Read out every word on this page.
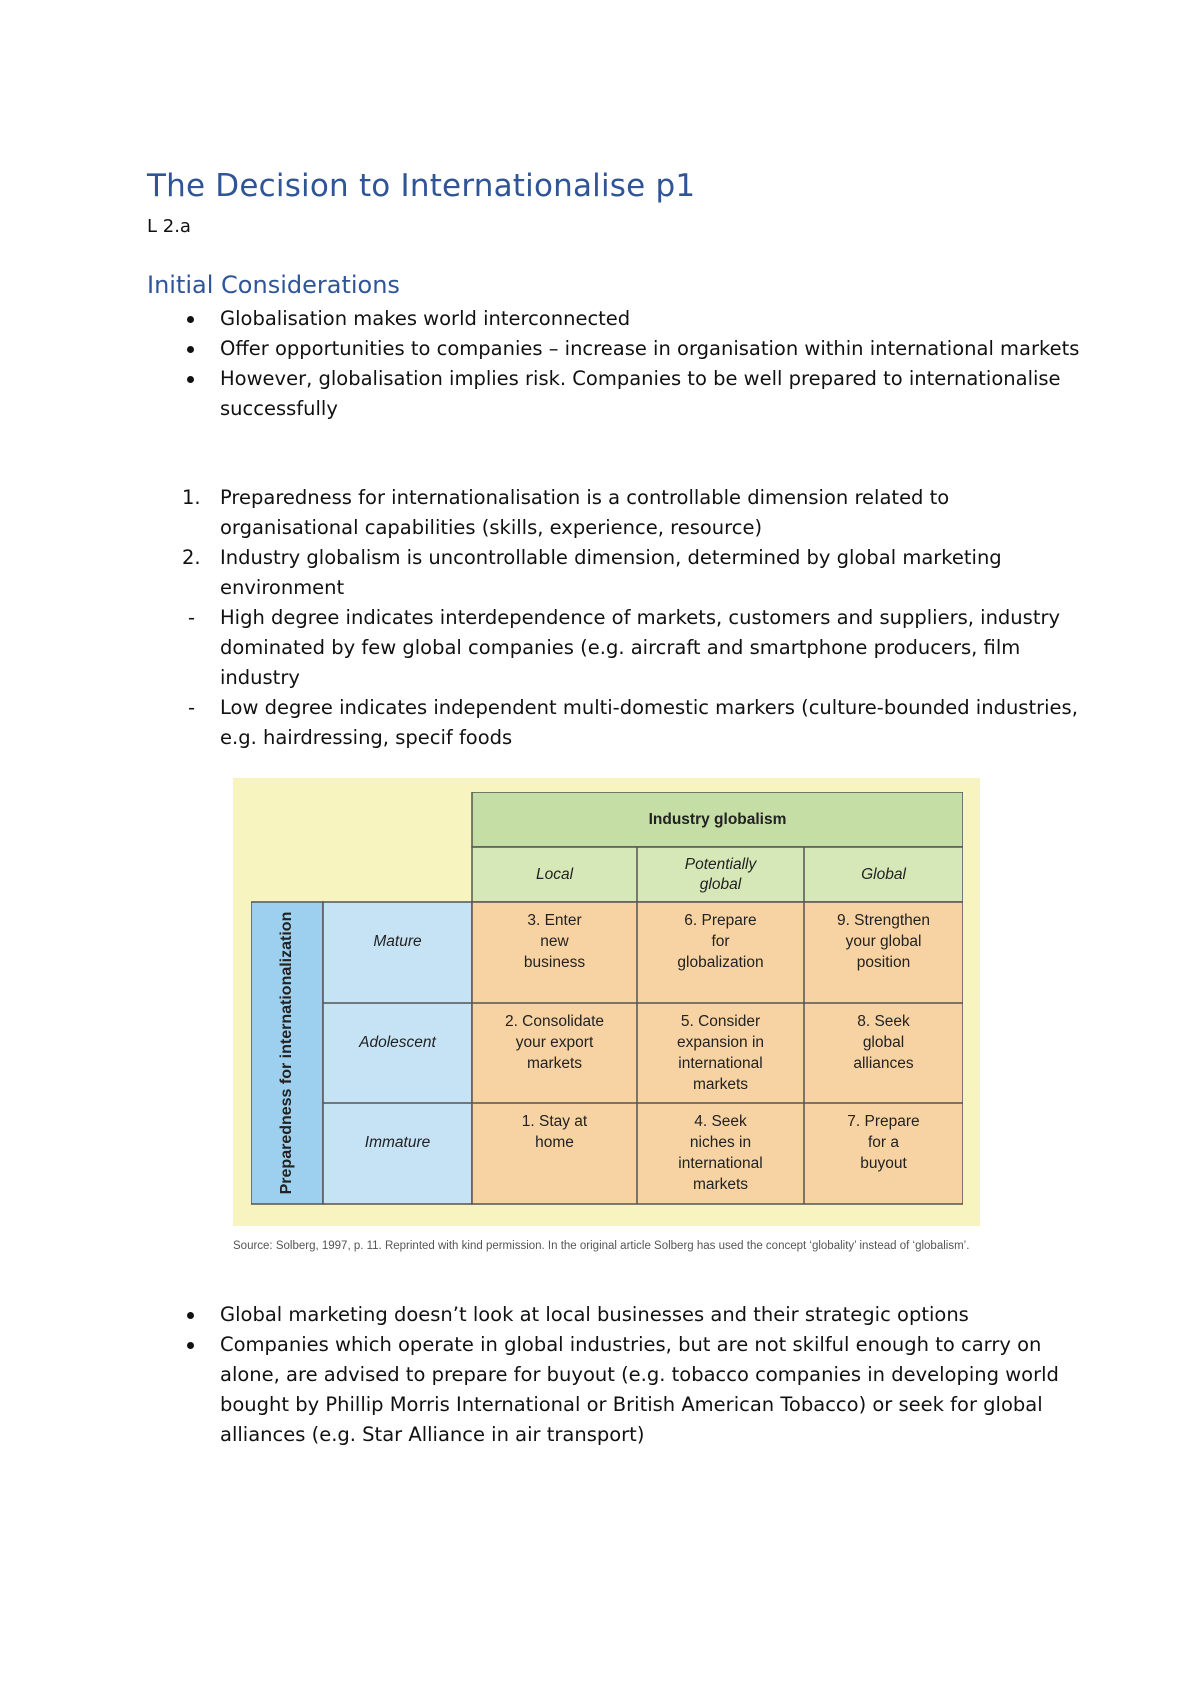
The Decision to Internationalise p1
L 2.a
Initial Considerations
Globalisation makes world interconnected
Offer opportunities to companies – increase in organisation within international markets
However, globalisation implies risk. Companies to be well prepared to internationalise successfully
1. Preparedness for internationalisation is a controllable dimension related to organisational capabilities (skills, experience, resource)
2. Industry globalism is uncontrollable dimension, determined by global marketing environment
- High degree indicates interdependence of markets, customers and suppliers, industry dominated by few global companies (e.g. aircraft and smartphone producers, film industry
- Low degree indicates independent multi-domestic markers (culture-bounded industries, e.g. hairdressing, specif foods
Industry globalism
Local
Potentially
global
Global
Preparedness for internationalization	Mature
Adolescent
Immature
3. Enter
new
business
6. Prepare
for
globalization
9. Strengthen
your global
position
2. Consolidate
your export
markets
5. Consider
expansion in
international
markets
8. Seek
global
alliances
1. Stay at
home
4. Seek
niches in
international
markets
7. Prepare
for a
buyout
Source: Solberg, 1997, p. 11. Reprinted with kind permission. In the original article Solberg has used the concept ‘globality’ instead of ‘globalism’.
Global marketing doesn’t look at local businesses and their strategic options
Companies which operate in global industries, but are not skilful enough to carry on alone, are advised to prepare for buyout (e.g. tobacco companies in developing world bought by Phillip Morris International or British American Tobacco) or seek for global alliances (e.g. Star Alliance in air transport)
